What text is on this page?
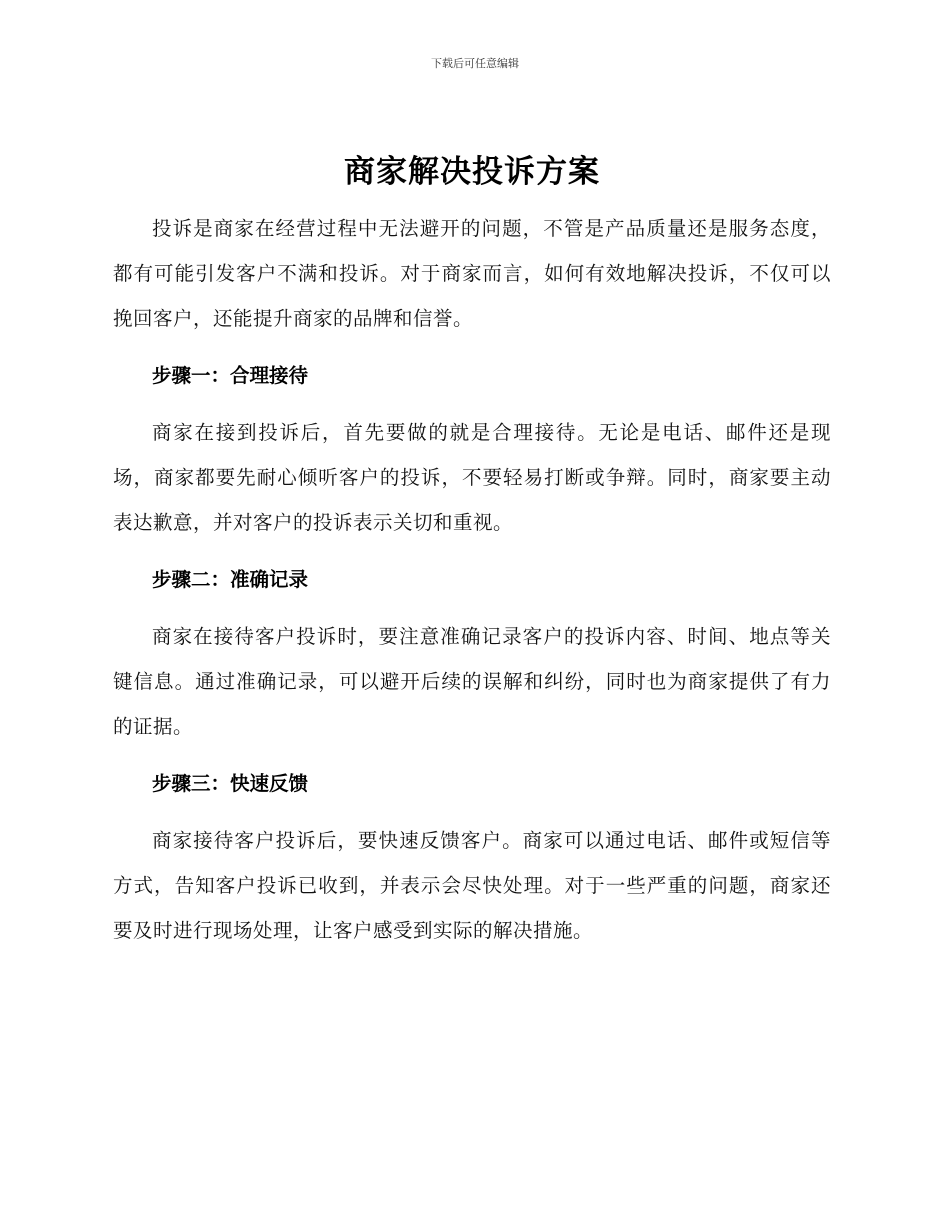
下载后可任意编辑
商家解决投诉方案

投诉是商家在经营过程中无法避开的问题，不管是产品质量还是服务态度，都有可能引发客户不满和投诉。对于商家而言，如何有效地解决投诉，不仅可以挽回客户，还能提升商家的品牌和信誉。

步骤一：合理接待

商家在接到投诉后，首先要做的就是合理接待。无论是电话、邮件还是现场，商家都要先耐心倾听客户的投诉，不要轻易打断或争辩。同时，商家要主动表达歉意，并对客户的投诉表示关切和重视。

步骤二：准确记录

商家在接待客户投诉时，要注意准确记录客户的投诉内容、时间、地点等关键信息。通过准确记录，可以避开后续的误解和纠纷，同时也为商家提供了有力的证据。

步骤三：快速反馈

商家接待客户投诉后，要快速反馈客户。商家可以通过电话、邮件或短信等方式，告知客户投诉已收到，并表示会尽快处理。对于一些严重的问题，商家还要及时进行现场处理，让客户感受到实际的解决措施。
